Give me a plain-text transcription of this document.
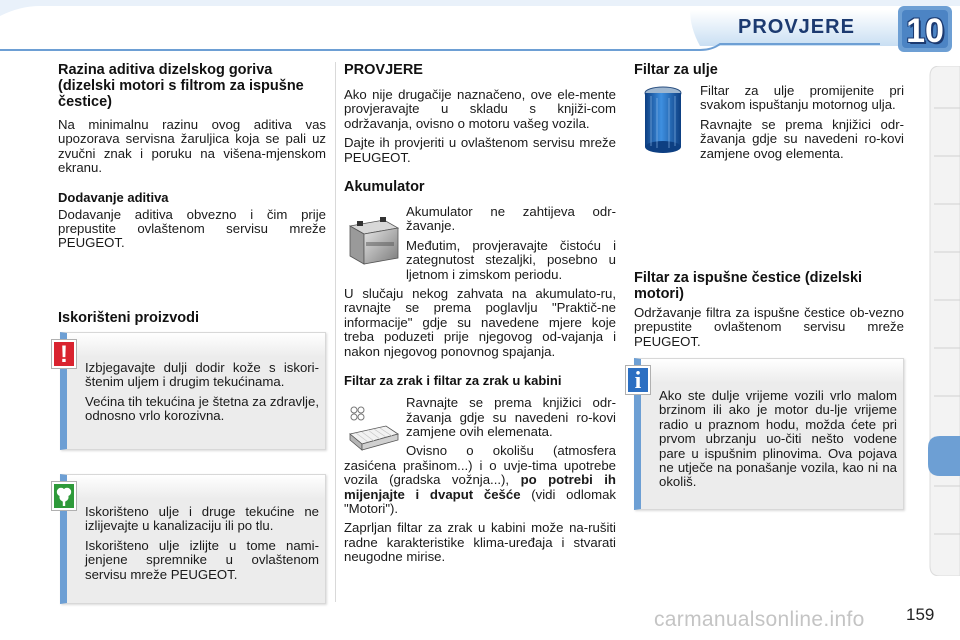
PROVJERE 10
Razina aditiva dizelskog goriva (dizelski motori s filtrom za ispušne čestice)

Na minimalnu razinu ovog aditiva vas upozorava servisna žaruljica koja se pali uz zvučni znak i poruku na višena-mjenskom ekranu.

Dodavanje aditiva

Dodavanje aditiva obvezno i čim prije prepustite ovlaštenom servisu mreže PEUGEOT.

Iskorišteni proizvodi

Izbjegavajte dulji dodir kože s iskori-štenim uljem i drugim tekućinama.

Većina tih tekućina je štetna za zdravlje, odnosno vrlo korozivna.

!

Iskorišteno ulje i druge tekućine ne izlijevajte u kanalizaciju ili po tlu.

Iskorišteno ulje izlijte u tome nami-jenjene spremnike u ovlaštenom servisu mreže PEUGEOT.

PROVJERE

Ako nije drugačije naznačeno, ove ele-mente provjeravajte u skladu s knjiži-com održavanja, ovisno o motoru vašeg vozila.

Dajte ih provjeriti u ovlaštenom servisu mreže PEUGEOT.

Akumulator

Akumulator ne zahtijeva odr-žavanje.

Međutim, provjeravajte čistoću i zategnutost stezaljki, posebno u ljetnom i zimskom periodu.

U slučaju nekog zahvata na akumulato-ru, ravnajte se prema poglavlju "Praktič-ne informacije" gdje su navedene mjere koje treba poduzeti prije njegovog od-vajanja i nakon njegovog ponovnog spajanja.

Filtar za zrak i filtar za zrak u kabini

Ravnajte se prema knjižici odr-žavanja gdje su navedeni ro-kovi zamjene ovih elemenata.

Ovisno o okolišu (atmosfera zasićena prašinom...) i o uvje-tima upotrebe vozila (gradska vožnja...), po potrebi ih mijenjajte i dvaput češće (vidi odlomak "Motori").

Zaprljan filtar za zrak u kabini može na-rušiti radne karakteristike klima-uređaja i stvarati neugodne mirise.

Filtar za ulje

Filtar za ulje promijenite pri svakom ispuštanju motornog ulja.

Ravnajte se prema knjižici odr-žavanja gdje su navedeni ro-kovi zamjene ovog elementa.

Filtar za ispušne čestice (dizelski motori)

Održavanje filtra za ispušne čestice ob-vezno prepustite ovlaštenom servisu mreže PEUGEOT.

Ako ste dulje vrijeme vozili vrlo malom brzinom ili ako je motor du-lje vrijeme radio u praznom hodu, možda ćete pri prvom ubrzanju uo-čiti nešto vodene pare u ispušnim plinovima. Ova pojava ne utječe na ponašanje vozila, kao ni na okoliš.

i
carmanualsonline.info 159
